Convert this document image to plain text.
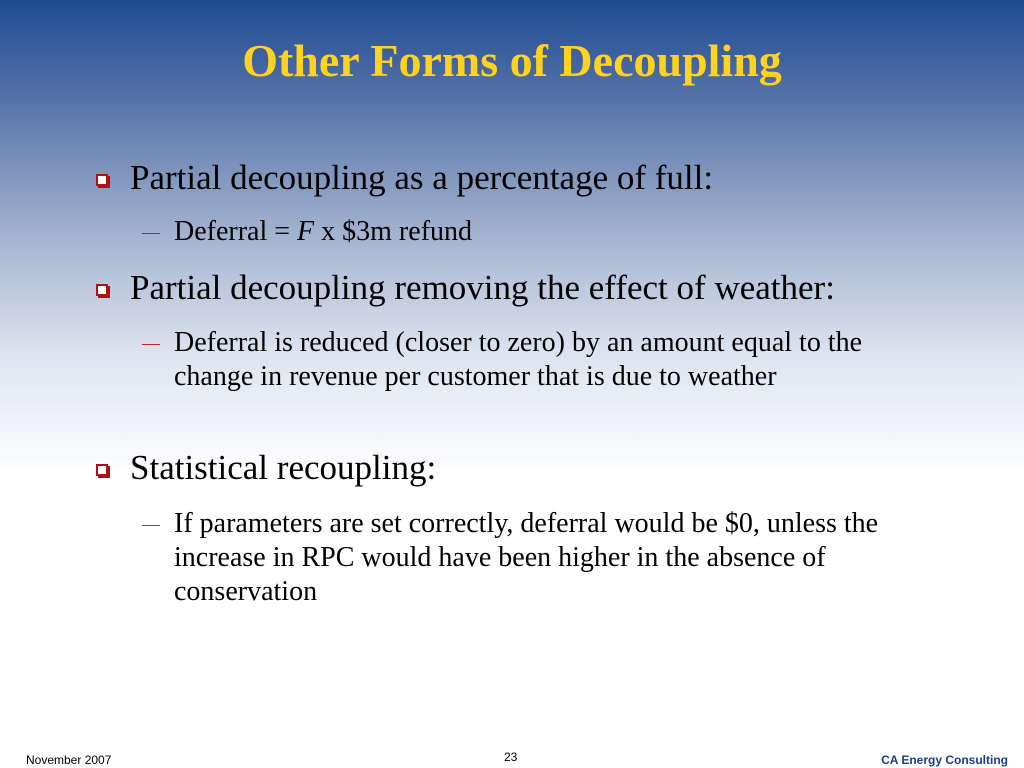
Other Forms of Decoupling
Partial decoupling as a percentage of full:
— Deferral = F x $3m refund
Partial decoupling removing the effect of weather:
— Deferral is reduced (closer to zero) by an amount equal to the change in revenue per customer that is due to weather
Statistical recoupling:
— If parameters are set correctly, deferral would be $0, unless the increase in RPC would have been higher in the absence of conservation
November 2007	23	CA Energy Consulting
